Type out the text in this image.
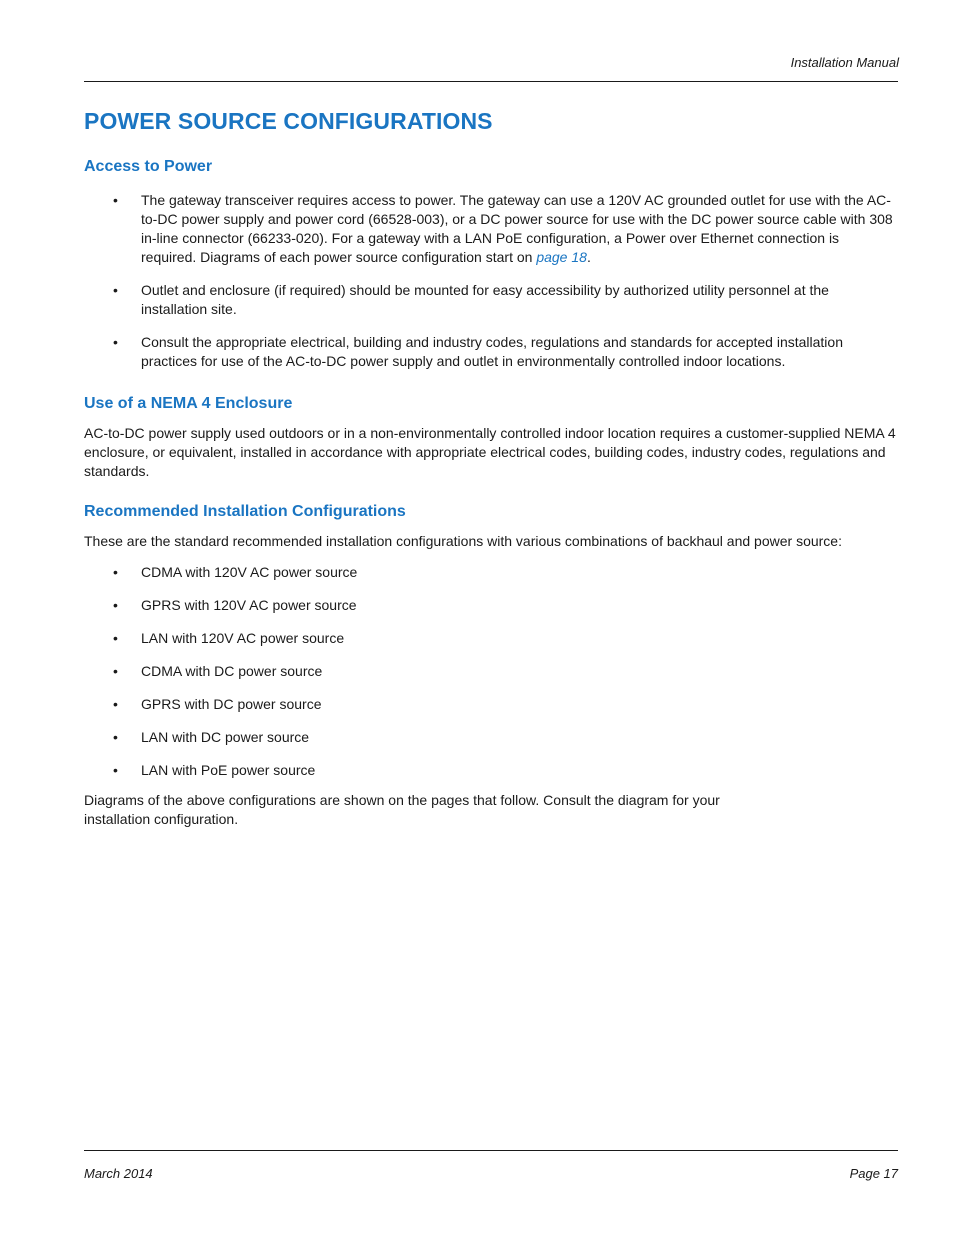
Installation Manual
POWER SOURCE CONFIGURATIONS
Access to Power
• The gateway transceiver requires access to power. The gateway can use a 120V AC grounded outlet for use with the AC-to-DC power supply and power cord (66528-003), or a DC power source for use with the DC power source cable with 308 in-line connector (66233-020). For a gateway with a LAN PoE configuration, a Power over Ethernet connection is required. Diagrams of each power source configuration start on page 18.
• Outlet and enclosure (if required) should be mounted for easy accessibility by authorized utility personnel at the installation site.
• Consult the appropriate electrical, building and industry codes, regulations and standards for accepted installation practices for use of the AC-to-DC power supply and outlet in environmentally controlled indoor locations.
Use of a NEMA 4 Enclosure

AC-to-DC power supply used outdoors or in a non-environmentally controlled indoor location requires a customer-supplied NEMA 4 enclosure, or equivalent, installed in accordance with appropriate electrical codes, building codes, industry codes, regulations and standards.

Recommended Installation Configurations

These are the standard recommended installation configurations with various combinations of backhaul and power source:

• CDMA with 120V AC power source
• GPRS with 120V AC power source
• LAN with 120V AC power source
• CDMA with DC power source
• GPRS with DC power source
• LAN with DC power source
• LAN with PoE power source

Diagrams of the above configurations are shown on the pages that follow. Consult the diagram for your
installation configuration.

March 2014	Page 17
